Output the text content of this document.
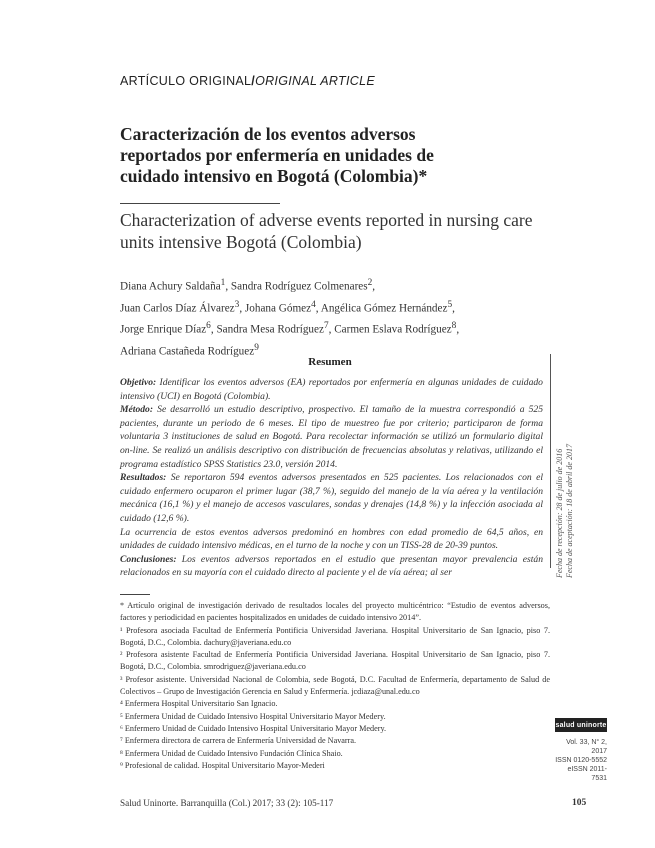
ARTÍCULO ORIGINAL/ORIGINAL ARTICLE
Caracterización de los eventos adversos reportados por enfermería en unidades de cuidado intensivo en Bogotá (Colombia)*
Characterization of adverse events reported in nursing care units intensive Bogotá (Colombia)
Diana Achury Saldaña$^1$, Sandra Rodríguez Colmenares$^2$,
Juan Carlos Díaz Álvarez$^3$, Johana Gómez$^4$, Angélica Gómez Hernández$^5$,
Jorge Enrique Díaz$^6$, Sandra Mesa Rodríguez$^7$, Carmen Eslava Rodríguez$^8$,
Adriana Castañeda Rodríguez$^9$
Resumen

Objetivo: Identificar los eventos adversos (EA) reportados por enfermería en algunas unidades de cuidado intensivo (UCI) en Bogotá (Colombia).

Método: Se desarrolló un estudio descriptivo, prospectivo. El tamaño de la muestra correspondió a 525 pacientes, durante un periodo de 6 meses. El tipo de muestreo fue por criterio; participaron de forma voluntaria 3 instituciones de salud en Bogotá. Para recolectar información se utilizó un formulario digital on-line. Se realizó un análisis descriptivo con distribución de frecuencias absolutas y relativas, utilizando el programa estadístico SPSS Statistics 23.0, versión 2014.

Resultados: Se reportaron 594 eventos adversos presentados en 525 pacientes. Los relacionados con el cuidado enfermero ocuparon el primer lugar (38,7 %), seguido del manejo de la vía aérea y la ventilación mecánica (16,1 %) y el manejo de accesos vasculares, sondas y drenajes (14,8 %) y la infección asociada al cuidado (12,6 %).

La ocurrencia de estos eventos adversos predominó en hombres con edad promedio de 64,5 años, en unidades de cuidado intensivo médicas, en el turno de la noche y con un TISS-28 de 20-39 puntos.

Conclusiones: Los eventos adversos reportados en el estudio que presentan mayor prevalencia están relacionados en su mayoría con el cuidado directo al paciente y el de vía aérea; al ser	Fecha de recepción: 28 de julio de 2016 Fecha de aceptación: 18 de abril de 2017

* Artículo original de investigación derivado de resultados locales del proyecto multicéntrico: “Estudio de eventos adversos, factores y periodicidad en pacientes hospitalizados en unidades de cuidado intensivo 2014”.

¹ Profesora asociada Facultad de Enfermería Pontificia Universidad Javeriana. Hospital Universitario de San Ignacio, piso 7. Bogotá, D.C., Colombia. dachury@javeriana.edu.co

² Profesora asistente Facultad de Enfermería Pontificia Universidad Javeriana. Hospital Universitario de San Ignacio, piso 7. Bogotá, D.C., Colombia. smrodriguez@javeriana.edu.co

³ Profesor asistente. Universidad Nacional de Colombia, sede Bogotá, D.C. Facultad de Enfermería, departamento de Salud de Colectivos – Grupo de Investigación Gerencia en Salud y Enfermería. jcdiaza@unal.edu.co

⁴ Enfermera Hospital Universitario San Ignacio.

⁵ Enfermera Unidad de Cuidado Intensivo Hospital Universitario Mayor Medery.

⁶ Enfermero Unidad de Cuidado Intensivo Hospital Universitario Mayor Medery.

⁷ Enfermera directora de carrera de Enfermería Universidad de Navarra.

⁸ Enfermera Unidad de Cuidado Intensivo Fundación Clínica Shaio.

⁹ Profesional de calidad. Hospital Universitario Mayor-Mederi

salud uninorte
Vol. 33, N° 2, 2017
ISSN 0120-5552
eISSN 2011-7531
Salud Uninorte. Barranquilla (Col.) 2017; 33 (2): 105-117	105
